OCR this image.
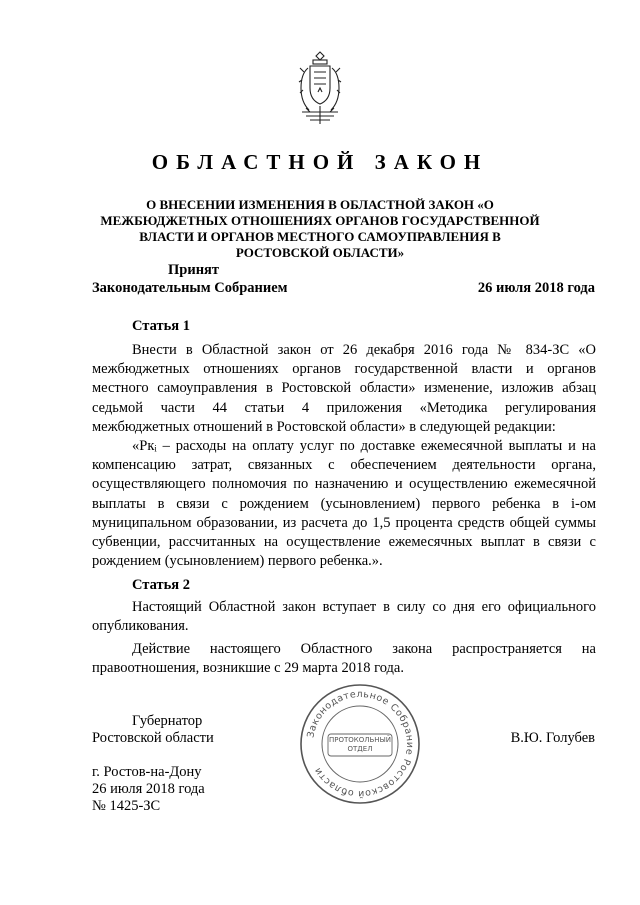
ОБЛАСТНОЙ ЗАКОН
О ВНЕСЕНИИ ИЗМЕНЕНИЯ В ОБЛАСТНОЙ ЗАКОН «О МЕЖБЮДЖЕТНЫХ ОТНОШЕНИЯХ ОРГАНОВ ГОСУДАРСТВЕННОЙ ВЛАСТИ И ОРГАНОВ МЕСТНОГО САМОУПРАВЛЕНИЯ В РОСТОВСКОЙ ОБЛАСТИ»
Принят
Законодательным Собранием	26 июля 2018 года
Статья 1
Внести в Областной закон от 26 декабря 2016 года № 834-ЗС «О межбюджетных отношениях органов государственной власти и органов местного самоуправления в Ростовской области» изменение, изложив абзац седьмой части 44 статьи 4 приложения «Методика регулирования межбюджетных отношений в Ростовской области» в следующей редакции:
«Pкᵢ – расходы на оплату услуг по доставке ежемесячной выплаты и на компенсацию затрат, связанных с обеспечением деятельности органа, осуществляющего полномочия по назначению и осуществлению ежемесячной выплаты в связи с рождением (усыновлением) первого ребенка в i-ом муниципальном образовании, из расчета до 1,5 процента средств общей суммы субвенции, рассчитанных на осуществление ежемесячных выплат в связи с рождением (усыновлением) первого ребенка.».
Статья 2
Настоящий Областной закон вступает в силу со дня его официального опубликования.
Действие настоящего Областного закона распространяется на правоотношения, возникшие с 29 марта 2018 года.
Губернатор
Ростовской области	В.Ю. Голубев
г. Ростов-на-Дону
26 июля 2018 года
№ 1425-ЗС
Законодательное Собрание Ростовской области
ПРОТОКОЛЬНЫЙ ОТДЕЛ
